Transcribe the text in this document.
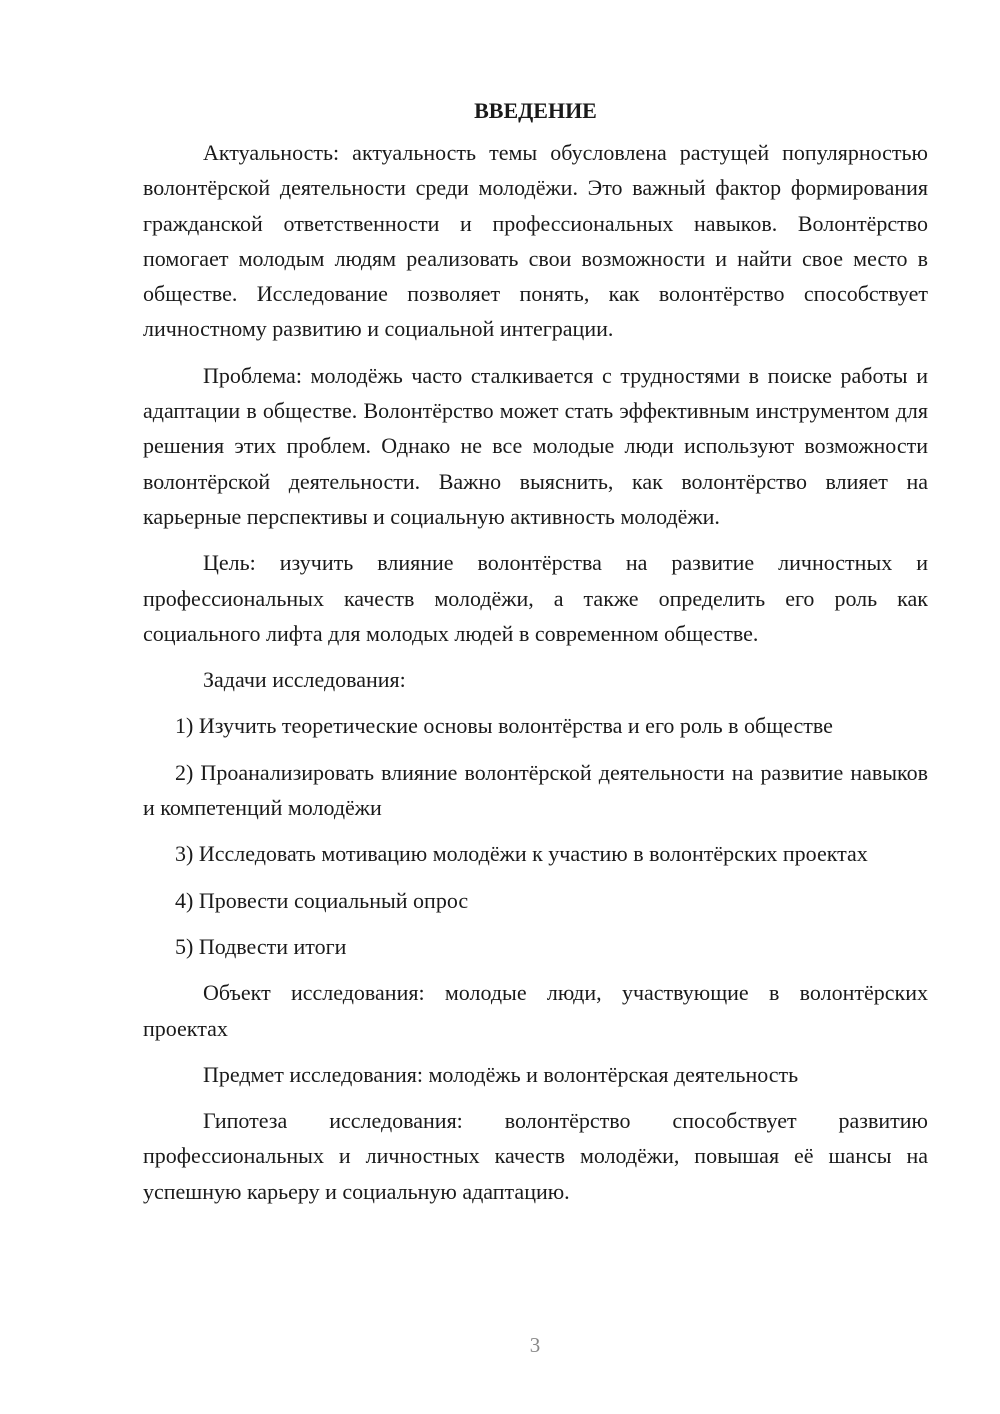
ВВЕДЕНИЕ

Актуальность: актуальность темы обусловлена растущей популярностью волонтёрской деятельности среди молодёжи. Это важный фактор формирования гражданской ответственности и профессиональных навыков. Волонтёрство помогает молодым людям реализовать свои возможности и найти свое место в обществе. Исследование позволяет понять, как волонтёрство способствует личностному развитию и социальной интеграции.

Проблема: молодёжь часто сталкивается с трудностями в поиске работы и адаптации в обществе. Волонтёрство может стать эффективным инструментом для решения этих проблем. Однако не все молодые люди используют возможности волонтёрской деятельности. Важно выяснить, как волонтёрство влияет на карьерные перспективы и социальную активность молодёжи.

Цель: изучить влияние волонтёрства на развитие личностных и профессиональных качеств молодёжи, а также определить его роль как социального лифта для молодых людей в современном обществе.

Задачи исследования:

1) Изучить теоретические основы волонтёрства и его роль в обществе

2) Проанализировать влияние волонтёрской деятельности на развитие навыков и компетенций молодёжи

3) Исследовать мотивацию молодёжи к участию в волонтёрских проектах

4) Провести социальный опрос

5) Подвести итоги

Объект исследования: молодые люди, участвующие в волонтёрских проектах

Предмет исследования: молодёжь и волонтёрская деятельность

Гипотеза исследования: волонтёрство способствует развитию профессиональных и личностных качеств молодёжи, повышая её шансы на успешную карьеру и социальную адаптацию.

3
